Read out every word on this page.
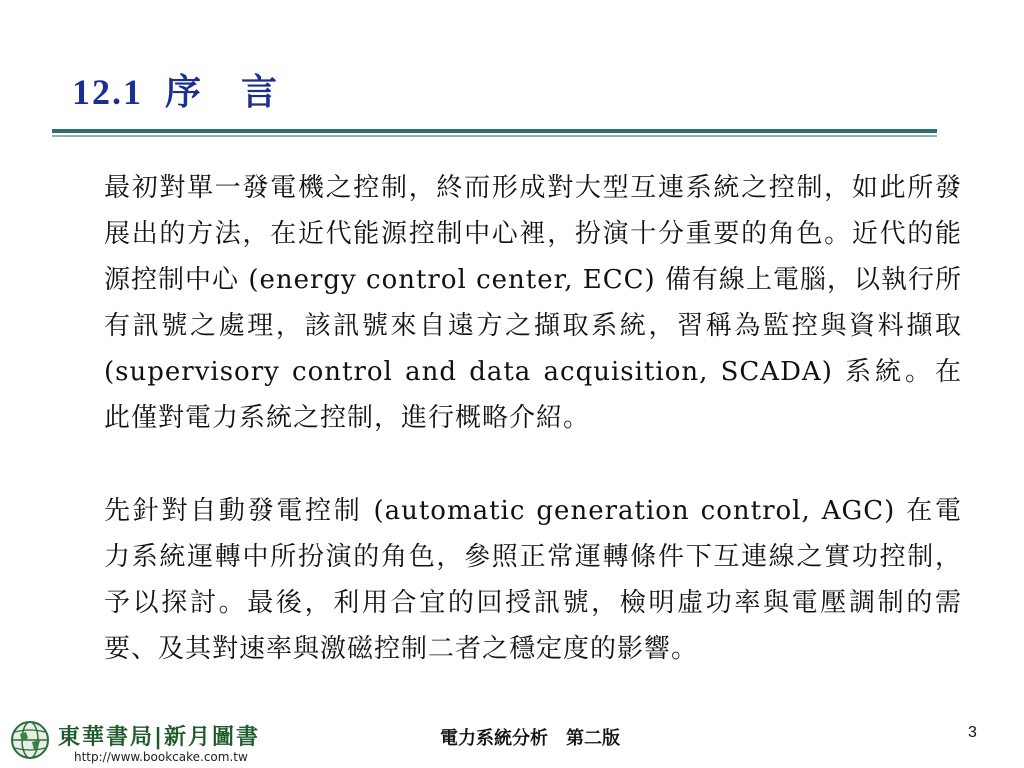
12.1  序　言

最初對單一發電機之控制，終而形成對大型互連系統之控制，如此所發展出的方法，在近代能源控制中心裡，扮演十分重要的角色。近代的能源控制中心 (energy control center, ECC) 備有線上電腦，以執行所有訊號之處理，該訊號來自遠方之擷取系統，習稱為監控與資料擷取 (supervisory control and data acquisition, SCADA) 系統。在此僅對電力系統之控制，進行概略介紹。

先針對自動發電控制 (automatic generation control, AGC) 在電力系統運轉中所扮演的角色，參照正常運轉條件下互連線之實功控制，予以探討。最後，利用合宜的回授訊號，檢明虛功率與電壓調制的需要、及其對速率與激磁控制二者之穩定度的影響。

東華書局|新月圖書
http://www.bookcake.com.tw
電力系統分析　第二版	3
